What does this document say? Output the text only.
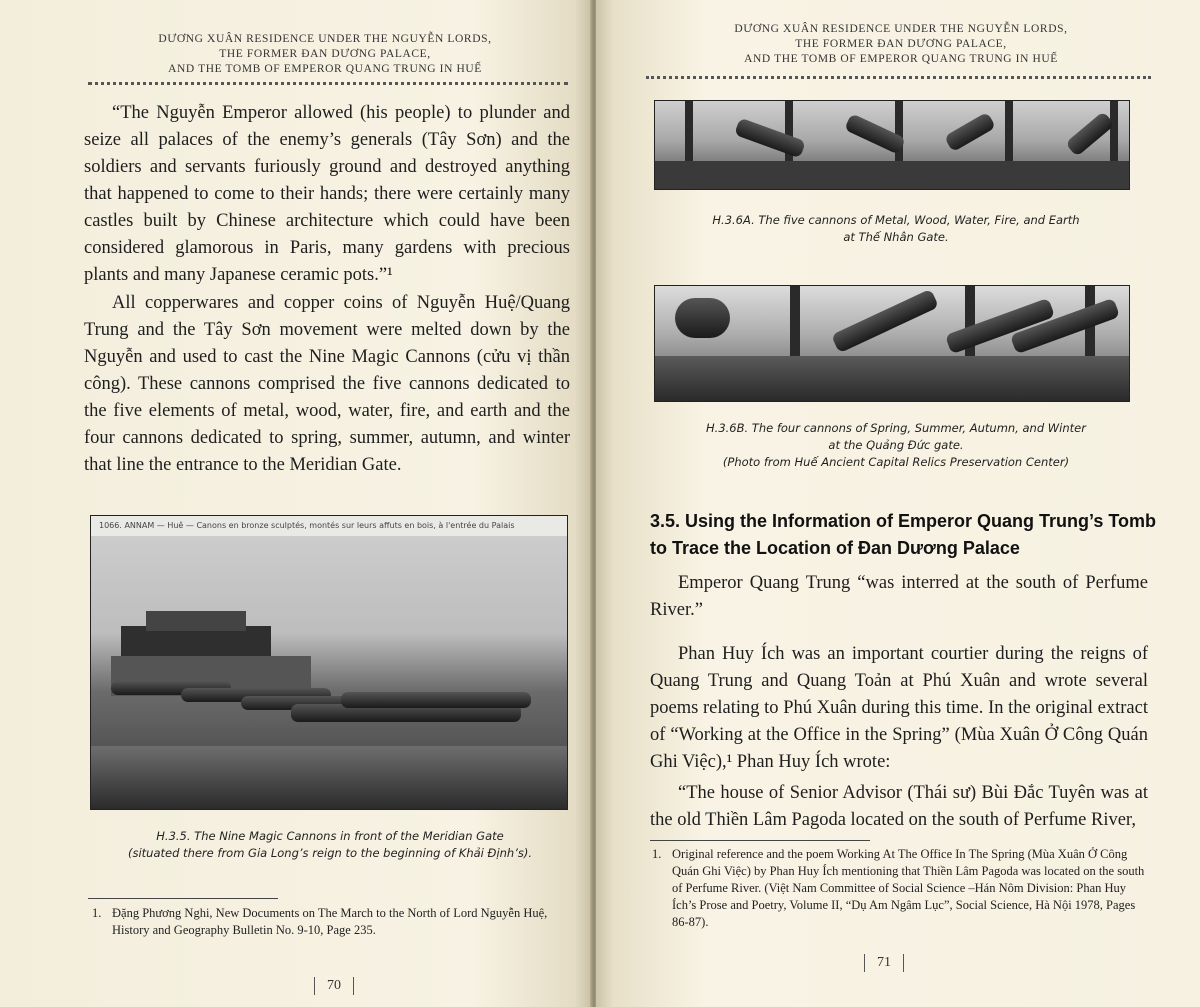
DƯƠNG XUÂN RESIDENCE UNDER THE NGUYỄN LORDS,
THE FORMER ĐAN DƯƠNG PALACE,
AND THE TOMB OF EMPEROR QUANG TRUNG IN HUẾ

“The Nguyễn Emperor allowed (his people) to plunder and seize all palaces of the enemy’s generals (Tây Sơn) and the soldiers and servants furiously ground and destroyed anything that happened to come to their hands; there were certainly many castles built by Chinese architecture which could have been considered glamorous in Paris, many gardens with precious plants and many Japanese ceramic pots.”¹

All copperwares and copper coins of Nguyễn Huệ/Quang Trung and the Tây Sơn movement were melted down by the Nguyễn and used to cast the Nine Magic Cannons (cửu vị thần công). These cannons comprised the five cannons dedicated to the five elements of metal, wood, water, fire, and earth and the four cannons dedicated to spring, summer, autumn, and winter that line the entrance to the Meridian Gate.

1066. ANNAM — Huê — Canons en bronze sculptés, montés sur leurs affuts en bois, à l'entrée du Palais
H.3.5. The Nine Magic Cannons in front of the Meridian Gate
(situated there from Gia Long’s reign to the beginning of Khải Định’s).
1. Đặng Phương Nghi, New Documents on The March to the North of Lord Nguyễn Huệ, History and Geography Bulletin No. 9-10, Page 235.
70
DƯƠNG XUÂN RESIDENCE UNDER THE NGUYỄN LORDS,
THE FORMER ĐAN DƯƠNG PALACE,
AND THE TOMB OF EMPEROR QUANG TRUNG IN HUẾ
H.3.6A. The five cannons of Metal, Wood, Water, Fire, and Earth
at Thế Nhân Gate.
H.3.6B. The four cannons of Spring, Summer, Autumn, and Winter
at the Quảng Đức gate.
(Photo from Huế Ancient Capital Relics Preservation Center)
3.5. Using the Information of Emperor Quang Trung’s Tomb
to Trace the Location of Đan Dương Palace

Emperor Quang Trung “was interred at the south of Perfume River.”

Phan Huy Ích was an important courtier during the reigns of Quang Trung and Quang Toản at Phú Xuân and wrote several poems relating to Phú Xuân during this time. In the original extract of “Working at the Office in the Spring” (Mùa Xuân Ở Công Quán Ghi Việc),¹ Phan Huy Ích wrote:

“The house of Senior Advisor (Thái sư) Bùi Đắc Tuyên was at the old Thiền Lâm Pagoda located on the south of Perfume River,

1. Original reference and the poem Working At The Office In The Spring (Mùa Xuân Ở Công Quán Ghi Việc) by Phan Huy Ích mentioning that Thiền Lâm Pagoda was located on the south of Perfume River. (Việt Nam Committee of Social Science –Hán Nôm Division: Phan Huy Ích’s Prose and Poetry, Volume II, “Dụ Am Ngâm Lục”, Social Science, Hà Nội 1978, Pages 86-87).
71
